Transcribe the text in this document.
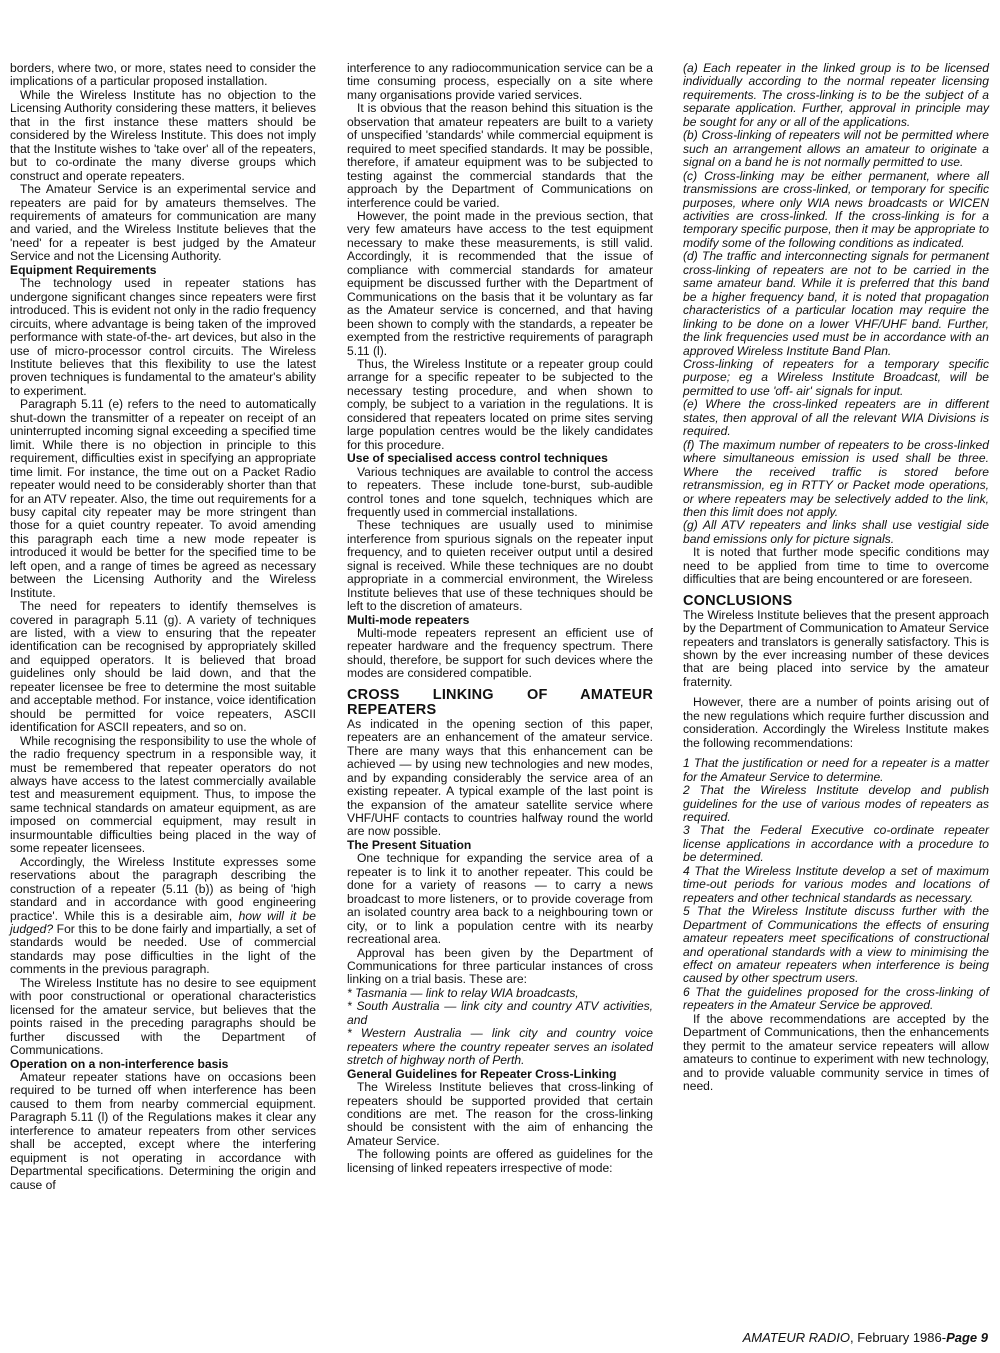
borders, where two, or more, states need to consider the implications of a particular proposed installation.

While the Wireless Institute has no objection to the Licensing Authority considering these matters, it believes that in the first instance these matters should be considered by the Wireless Institute. This does not imply that the Institute wishes to 'take over' all of the repeaters, but to co-ordinate the many diverse groups which construct and operate repeaters.

The Amateur Service is an experimental service and repeaters are paid for by amateurs themselves. The requirements of amateurs for communication are many and varied, and the Wireless Institute believes that the 'need' for a repeater is best judged by the Amateur Service and not the Licensing Authority.

Equipment Requirements

The technology used in repeater stations has undergone significant changes since repeaters were first introduced. This is evident not only in the radio frequency circuits, where advantage is being taken of the improved performance with state-of-the- art devices, but also in the use of micro-processor control circuits. The Wireless Institute believes that this flexibility to use the latest proven techniques is fundamental to the amateur's ability to experiment.

Paragraph 5.11 (e) refers to the need to automatically shut-down the transmitter of a repeater on receipt of an uninterrupted incoming signal exceeding a specified time limit. While there is no objection in principle to this requirement, difficulties exist in specifying an appropriate time limit. For instance, the time out on a Packet Radio repeater would need to be considerably shorter than that for an ATV repeater. Also, the time out requirements for a busy capital city repeater may be more stringent than those for a quiet country repeater. To avoid amending this paragraph each time a new mode repeater is introduced it would be better for the specified time to be left open, and a range of times be agreed as necessary between the Licensing Authority and the Wireless Institute.

The need for repeaters to identify themselves is covered in paragraph 5.11 (g). A variety of techniques are listed, with a view to ensuring that the repeater identification can be recognised by appropriately skilled and equipped operators. It is believed that broad guidelines only should be laid down, and that the repeater licensee be free to determine the most suitable and acceptable method. For instance, voice identification should be permitted for voice repeaters, ASCII identification for ASCII repeaters, and so on.

While recognising the responsibility to use the whole of the radio frequency spectrum in a responsible way, it must be remembered that repeater operators do not always have access to the latest commercially available test and measurement equipment. Thus, to impose the same technical standards on amateur equipment, as are imposed on commercial equipment, may result in insurmountable difficulties being placed in the way of some repeater licensees.

Accordingly, the Wireless Institute expresses some reservations about the paragraph describing the construction of a repeater (5.11 (b)) as being of 'high standard and in accordance with good engineering practice'. While this is a desirable aim, how will it be judged? For this to be done fairly and impartially, a set of standards would be needed. Use of commercial standards may pose difficulties in the light of the comments in the previous paragraph.

The Wireless Institute has no desire to see equipment with poor constructional or operational characteristics licensed for the amateur service, but believes that the points raised in the preceding paragraphs should be further discussed with the Department of Communications.

Operation on a non-interference basis

Amateur repeater stations have on occasions been required to be turned off when interference has been caused to them from nearby commercial equipment. Paragraph 5.11 (l) of the Regulations makes it clear any interference to amateur repeaters from other services shall be accepted, except where the interfering equipment is not operating in accordance with Departmental specifications. Determining the origin and cause of

interference to any radiocommunication service can be a time consuming process, especially on a site where many organisations provide varied services.

It is obvious that the reason behind this situation is the observation that amateur repeaters are built to a variety of unspecified 'standards' while commercial equipment is required to meet specified standards. It may be possible, therefore, if amateur equipment was to be subjected to testing against the commercial standards that the approach by the Department of Communications on interference could be varied.

However, the point made in the previous section, that very few amateurs have access to the test equipment necessary to make these measurements, is still valid. Accordingly, it is recommended that the issue of compliance with commercial standards for amateur equipment be discussed further with the Department of Communications on the basis that it be voluntary as far as the Amateur service is concerned, and that having been shown to comply with the standards, a repeater be exempted from the restrictive requirements of paragraph 5.11 (l).

Thus, the Wireless Institute or a repeater group could arrange for a specific repeater to be subjected to the necessary testing procedure, and when shown to comply, be subject to a variation in the regulations. It is considered that repeaters located on prime sites serving large population centres would be the likely candidates for this procedure.

Use of specialised access control techniques

Various techniques are available to control the access to repeaters. These include tone-burst, sub-audible control tones and tone squelch, techniques which are frequently used in commercial installations.

These techniques are usually used to minimise interference from spurious signals on the repeater input frequency, and to quieten receiver output until a desired signal is received. While these techniques are no doubt appropriate in a commercial environment, the Wireless Institute believes that use of these techniques should be left to the discretion of amateurs.

Multi-mode repeaters

Multi-mode repeaters represent an efficient use of repeater hardware and the frequency spectrum. There should, therefore, be support for such devices where the modes are considered compatible.

CROSS LINKING OF AMATEUR REPEATERS

As indicated in the opening section of this paper, repeaters are an enhancement of the amateur service. There are many ways that this enhancement can be achieved — by using new technologies and new modes, and by expanding considerably the service area of an existing repeater. A typical example of the last point is the expansion of the amateur satellite service where VHF/UHF contacts to countries halfway round the world are now possible.

The Present Situation

One technique for expanding the service area of a repeater is to link it to another repeater. This could be done for a variety of reasons — to carry a news broadcast to more listeners, or to provide coverage from an isolated country area back to a neighbouring town or city, or to link a population centre with its nearby recreational area.

Approval has been given by the Department of Communications for three particular instances of cross linking on a trial basis. These are:

* Tasmania — link to relay WIA broadcasts,

* South Australia — link city and country ATV activities, and

* Western Australia — link city and country voice repeaters where the country repeater serves an isolated stretch of highway north of Perth.

General Guidelines for Repeater Cross-Linking

The Wireless Institute believes that cross-linking of repeaters should be supported provided that certain conditions are met. The reason for the cross-linking should be consistent with the aim of enhancing the Amateur Service.

The following points are offered as guidelines for the licensing of linked repeaters irrespective of mode:

(a) Each repeater in the linked group is to be licensed individually according to the normal repeater licensing requirements. The cross-linking is to be the subject of a separate application. Further, approval in principle may be sought for any or all of the applications.

(b) Cross-linking of repeaters will not be permitted where such an arrangement allows an amateur to originate a signal on a band he is not normally permitted to use.

(c) Cross-linking may be either permanent, where all transmissions are cross-linked, or temporary for specific purposes, where only WIA news broadcasts or WICEN activities are cross-linked. If the cross-linking is for a temporary specific purpose, then it may be appropriate to modify some of the following conditions as indicated.

(d) The traffic and interconnecting signals for permanent cross-linking of repeaters are not to be carried in the same amateur band. While it is preferred that this band be a higher frequency band, it is noted that propagation characteristics of a particular location may require the linking to be done on a lower VHF/UHF band. Further, the link frequencies used must be in accordance with an approved Wireless Institute Band Plan.

Cross-linking of repeaters for a temporary specific purpose; eg a Wireless Institute Broadcast, will be permitted to use 'off- air' signals for input.

(e) Where the cross-linked repeaters are in different states, then approval of all the relevant WIA Divisions is required.

(f) The maximum number of repeaters to be cross-linked where simultaneous emission is used shall be three. Where the received traffic is stored before retransmission, eg in RTTY or Packet mode operations, or where repeaters may be selectively added to the link, then this limit does not apply.

(g) All ATV repeaters and links shall use vestigial side band emissions only for picture signals.

It is noted that further mode specific conditions may need to be applied from time to time to overcome difficulties that are being encountered or are foreseen.

CONCLUSIONS

The Wireless Institute believes that the present approach by the Department of Communication to Amateur Service repeaters and translators is generally satisfactory. This is shown by the ever increasing number of these devices that are being placed into service by the amateur fraternity.

However, there are a number of points arising out of the new regulations which require further discussion and consideration. Accordingly the Wireless Institute makes the following recommendations:

1 That the justification or need for a repeater is a matter for the Amateur Service to determine.

2 That the Wireless Institute develop and publish guidelines for the use of various modes of repeaters as required.

3 That the Federal Executive co-ordinate repeater license applications in accordance with a procedure to be determined.

4 That the Wireless Institute develop a set of maximum time-out periods for various modes and locations of repeaters and other technical standards as necessary.

5 That the Wireless Institute discuss further with the Department of Communications the effects of ensuring amateur repeaters meet specifications of constructional and operational standards with a view to minimising the effect on amateur repeaters when interference is being caused by other spectrum users.

6 That the guidelines proposed for the cross-linking of repeaters in the Amateur Service be approved.

If the above recommendations are accepted by the Department of Communications, then the enhancements they permit to the amateur service repeaters will allow amateurs to continue to experiment with new technology, and to provide valuable community service in times of need.

AMATEUR RADIO, February 1986-Page 9
